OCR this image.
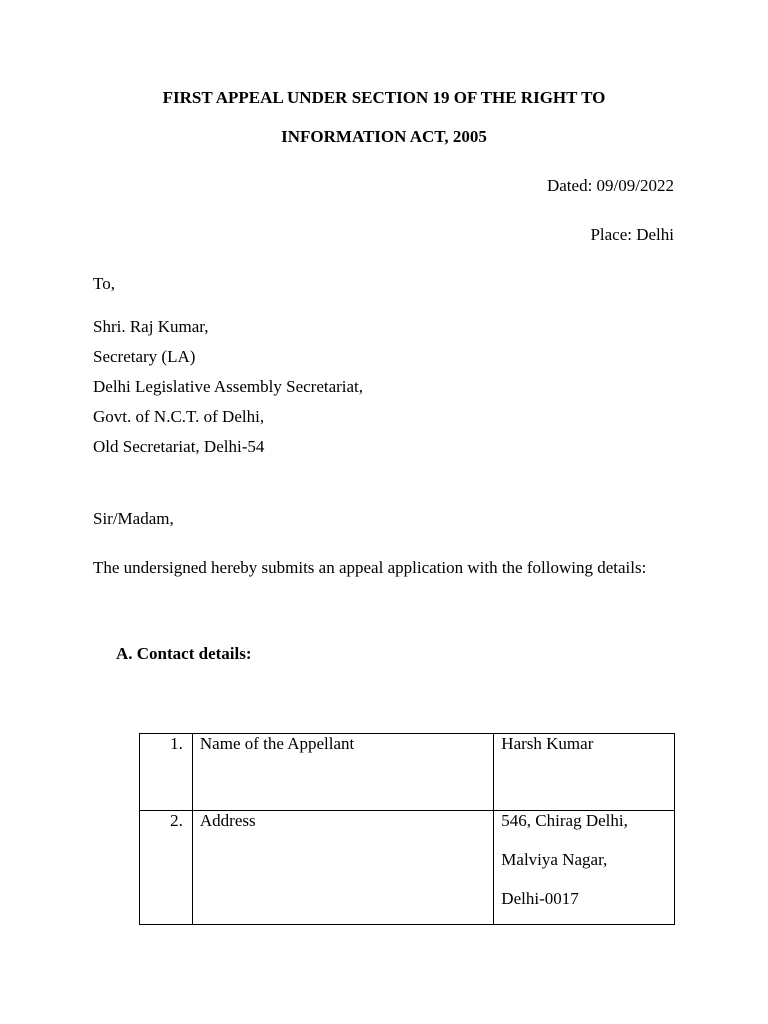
FIRST APPEAL UNDER SECTION 19 OF THE RIGHT TO
INFORMATION ACT, 2005
Dated: 09/09/2022
Place: Delhi
To,
Shri. Raj Kumar,
Secretary (LA)
Delhi Legislative Assembly Secretariat,
Govt. of N.C.T. of Delhi,
Old Secretariat, Delhi-54
Sir/Madam,
The undersigned hereby submits an appeal application with the following details:
A. Contact details:
1.	Name of the Appellant	Harsh Kumar

2.	Address	546, Chirag Delhi,
Malviya Nagar,
Delhi-0017
